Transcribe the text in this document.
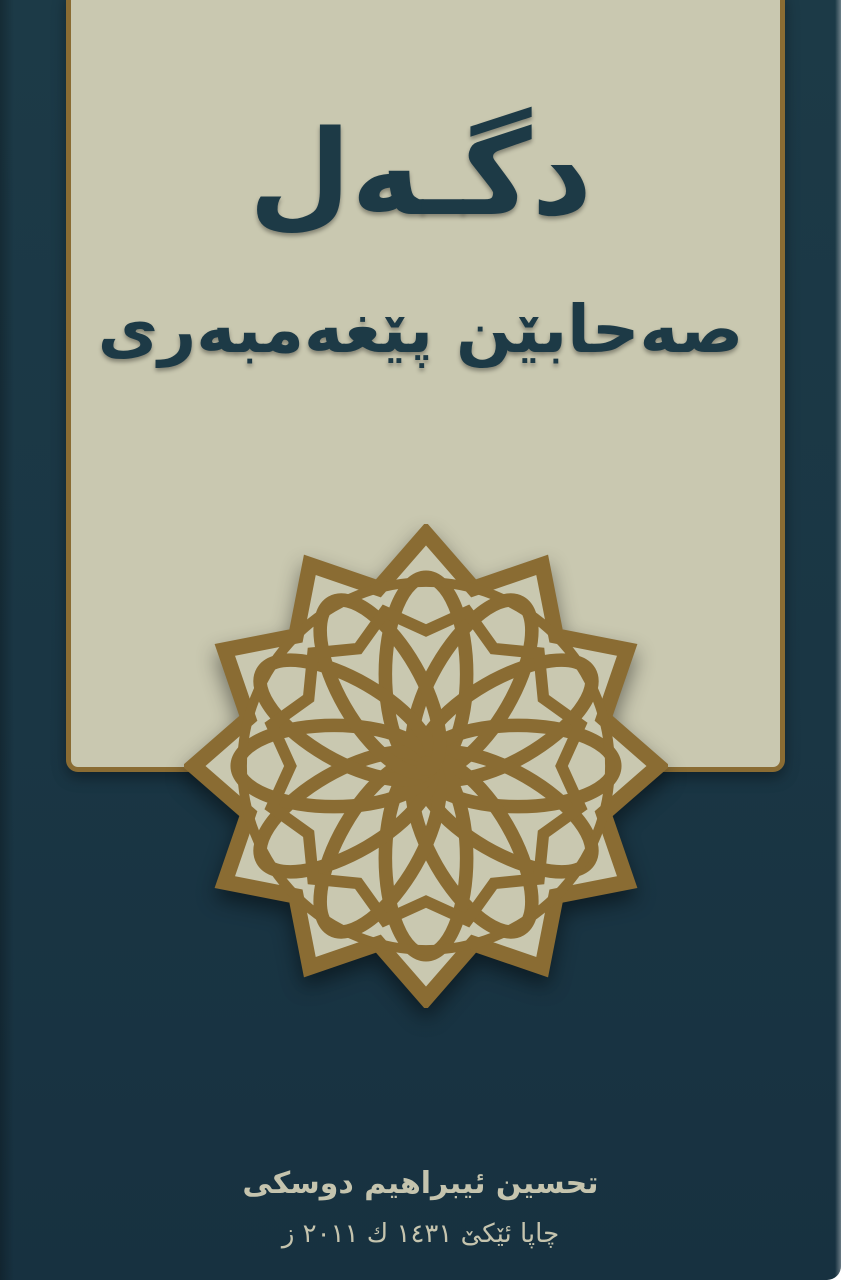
دگـەل
صەحابێن پێغەمبەری
تحسین ئیبراهیم دوسکی
چاپا ئێکێ ١٤٣١ ك ٢٠١١ ز
